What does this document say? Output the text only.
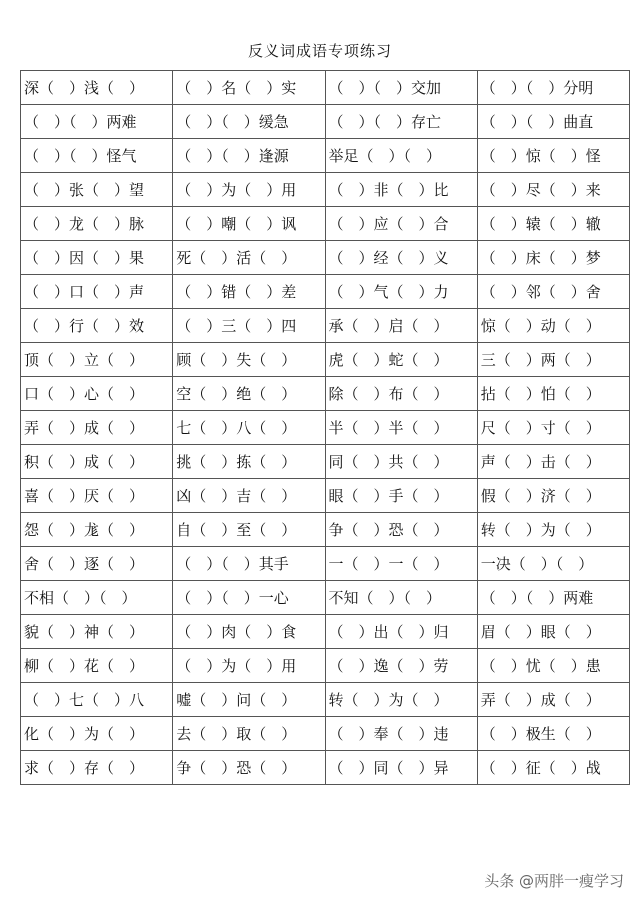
反义词成语专项练习
深（　）浅（　）	（　）名（　）实	（　）（　）交加	（　）（　）分明
（　）（　）两难	（　）（　）缓急	（　）（　）存亡	（　）（　）曲直
（　）（　）怪气	（　）（　）逢源	举足（　）（　）	（　）惊（　）怪
（　）张（　）望	（　）为（　）用	（　）非（　）比	（　）尽（　）来
（　）龙（　）脉	（　）嘲（　）讽	（　）应（　）合	（　）辕（　）辙
（　）因（　）果	死（　）活（　）	（　）经（　）义	（　）床（　）梦
（　）口（　）声	（　）错（　）差	（　）气（　）力	（　）邻（　）舍
（　）行（　）效	（　）三（　）四	承（　）启（　）	惊（　）动（　）
顶（　）立（　）	顾（　）失（　）	虎（　）蛇（　）	三（　）两（　）
口（　）心（　）	空（　）绝（　）	除（　）布（　）	拈（　）怕（　）
弄（　）成（　）	七（　）八（　）	半（　）半（　）	尺（　）寸（　）
积（　）成（　）	挑（　）拣（　）	同（　）共（　）	声（　）击（　）
喜（　）厌（　）	凶（　）吉（　）	眼（　）手（　）	假（　）济（　）
怨（　）尨（　）	自（　）至（　）	争（　）恐（　）	转（　）为（　）
舍（　）逐（　）	（　）（　）其手	一（　）一（　）	一决（　）（　）
不相（　）（　）	（　）（　）一心	不知（　）（　）	（　）（　）两难
貌（　）神（　）	（　）肉（　）食	（　）出（　）归	眉（　）眼（　）
柳（　）花（　）	（　）为（　）用	（　）逸（　）劳	（　）忧（　）患
（　）七（　）八	嘘（　）问（　）	转（　）为（　）	弄（　）成（　）
化（　）为（　）	去（　）取（　）	（　）奉（　）违	（　）极生（　）
求（　）存（　）	争（　）恐（　）	（　）同（　）异	（　）征（　）战
头条 @两胖一瘦学习
